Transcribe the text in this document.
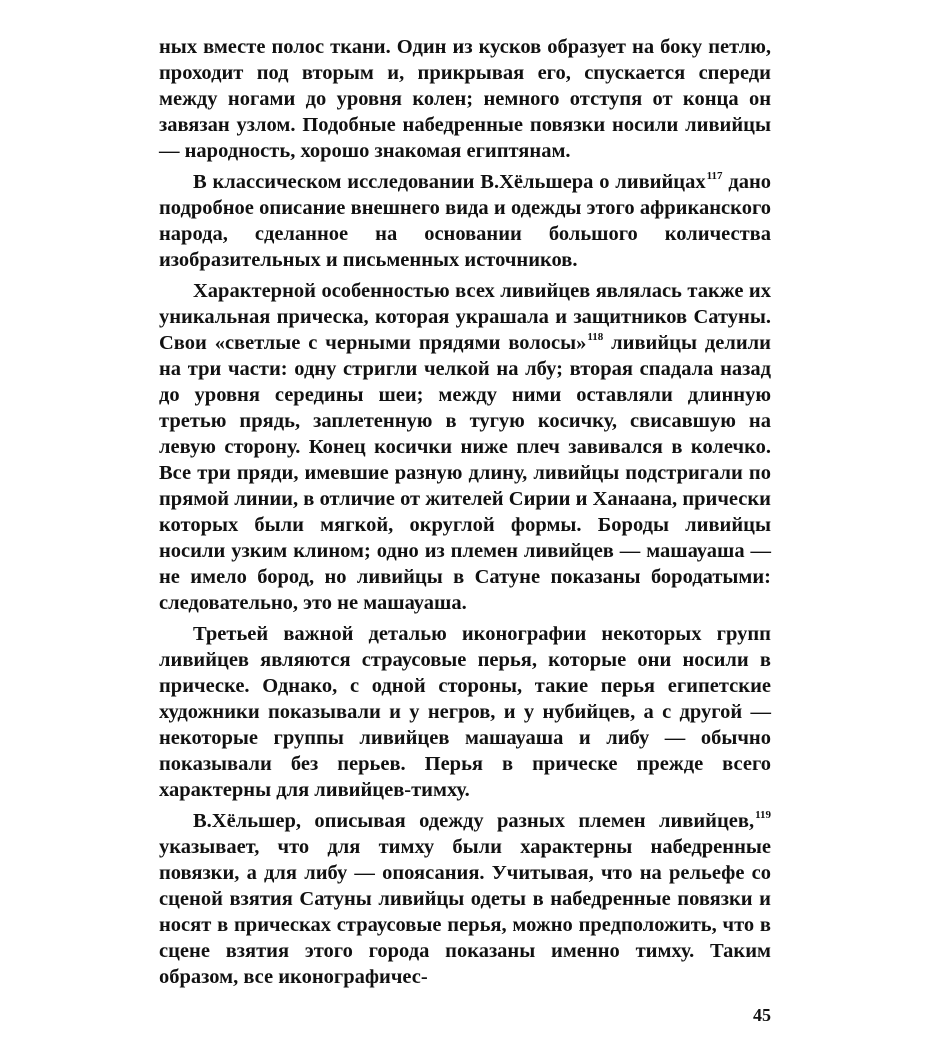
ных вместе полос ткани. Один из кусков образует на боку петлю, проходит под вторым и, прикрывая его, спускается спереди между ногами до уровня колен; немного отступя от конца он завязан узлом. Подобные набедренные повязки носили ливийцы — народность, хорошо знакомая египтянам.

В классическом исследовании В.Хёльшера о ливийцах$^{117}$ дано подробное описание внешнего вида и одежды этого африканского народа, сделанное на основании большого количества изобразительных и письменных источников.

Характерной особенностью всех ливийцев являлась также их уникальная прическа, которая украшала и защитников Сатуны. Свои «светлые с черными прядями волосы»$^{118}$ ливийцы делили на три части: одну стригли челкой на лбу; вторая спадала назад до уровня середины шеи; между ними оставляли длинную третью прядь, заплетенную в тугую косичку, свисавшую на левую сторону. Конец косички ниже плеч завивался в колечко. Все три пряди, имевшие разную длину, ливийцы подстригали по прямой линии, в отличие от жителей Сирии и Ханаана, прически которых были мягкой, округлой формы. Бороды ливийцы носили узким клином; одно из племен ливийцев — машауаша — не имело бород, но ливийцы в Сатуне показаны бородатыми: следовательно, это не машауаша.

Третьей важной деталью иконографии некоторых групп ливийцев являются страусовые перья, которые они носили в прическе. Однако, с одной стороны, такие перья египетские художники показывали и у негров, и у нубийцев, а с другой — некоторые группы ливийцев машауаша и либу — обычно показывали без перьев. Перья в прическе прежде всего характерны для ливийцев-тимху.

В.Хёльшер, описывая одежду разных племен ливийцев,$^{119}$ указывает, что для тимху были характерны набедренные повязки, а для либу — опоясания. Учитывая, что на рельефе со сценой взятия Сатуны ливийцы одеты в набедренные повязки и носят в прическах страусовые перья, можно предположить, что в сцене взятия этого города показаны именно тимху. Таким образом, все иконографичес-

45
